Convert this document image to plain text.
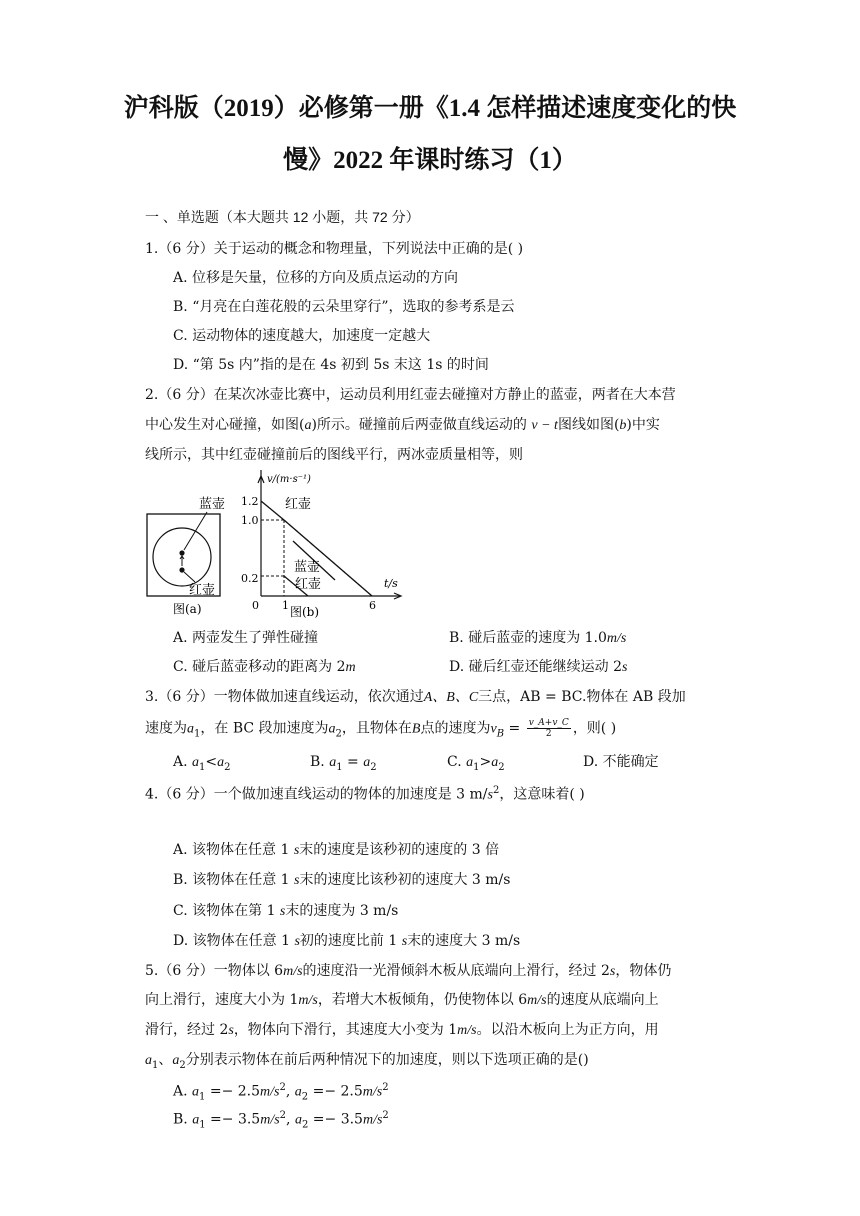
沪科版（2019）必修第一册《1.4 怎样描述速度变化的快
慢》2022 年课时练习（1）
一 、单选题（本大题共 12 小题，共 72 分）
1.（6 分）关于运动的概念和物理量，下列说法中正确的是( )
A. 位移是矢量，位移的方向及质点运动的方向
B. “月亮在白莲花般的云朵里穿行”，选取的参考系是云
C. 运动物体的速度越大，加速度一定越大
D. “第 5s 内”指的是在 4s 初到 5s 末这 1s 的时间
2.（6 分）在某次冰壶比赛中，运动员利用红壶去碰撞对方静止的蓝壶，两者在大本营
中心发生对心碰撞，如图(a)所示。碰撞前后两壶做直线运动的 v − t图线如图(b)中实
线所示，其中红壶碰撞前后的图线平行，两冰壶质量相等，则
蓝壶
红壶
图(a)
v/(m·s⁻¹)
t/s
1.2
1.0
0.2
0 1	6
红壶
蓝壶
红壶
图(b)
A. 两壶发生了弹性碰撞	B. 碰后蓝壶的速度为 1.0m/s
C. 碰后蓝壶移动的距离为 2m	D. 碰后红壶还能继续运动 2s
3.（6 分）一物体做加速直线运动，依次通过A、B、C三点，AB = BC.物体在 AB 段加
速度为$a_1$，在 BC 段加速度为$a_2$，且物体在B点的速度为$v_B = \frac{v\_A+v\_C}{2}$ ，则( )
A. $a_1<a_2$	B. $a_1 = a_2$	C. $a_1>a_2$	D. 不能确定
4.（6 分）一个做加速直线运动的物体的加速度是 3 $m/s^2$，这意味着( )
A. 该物体在任意 1 s末的速度是该秒初的速度的 3 倍
B. 该物体在任意 1 s末的速度比该秒初的速度大 3 m/s
C. 该物体在第 1 s末的速度为 3 m/s
D. 该物体在任意 1 s初的速度比前 1 s末的速度大 3 m/s
5.（6 分）一物体以 6m/s的速度沿一光滑倾斜木板从底端向上滑行，经过 2s，物体仍
向上滑行，速度大小为 1m/s，若增大木板倾角，仍使物体以 6m/s的速度从底端向上
滑行，经过 2s，物体向下滑行，其速度大小变为 1m/s。以沿木板向上为正方向，用
$a_1$、$a_2$分别表示物体在前后两种情况下的加速度，则以下选项正确的是()
A. $a_1 =- 2.5m/s^2$, $a_2 =- 2.5m/s^2$
B. $a_1 =- 3.5m/s^2$, $a_2 =- 3.5m/s^2$
